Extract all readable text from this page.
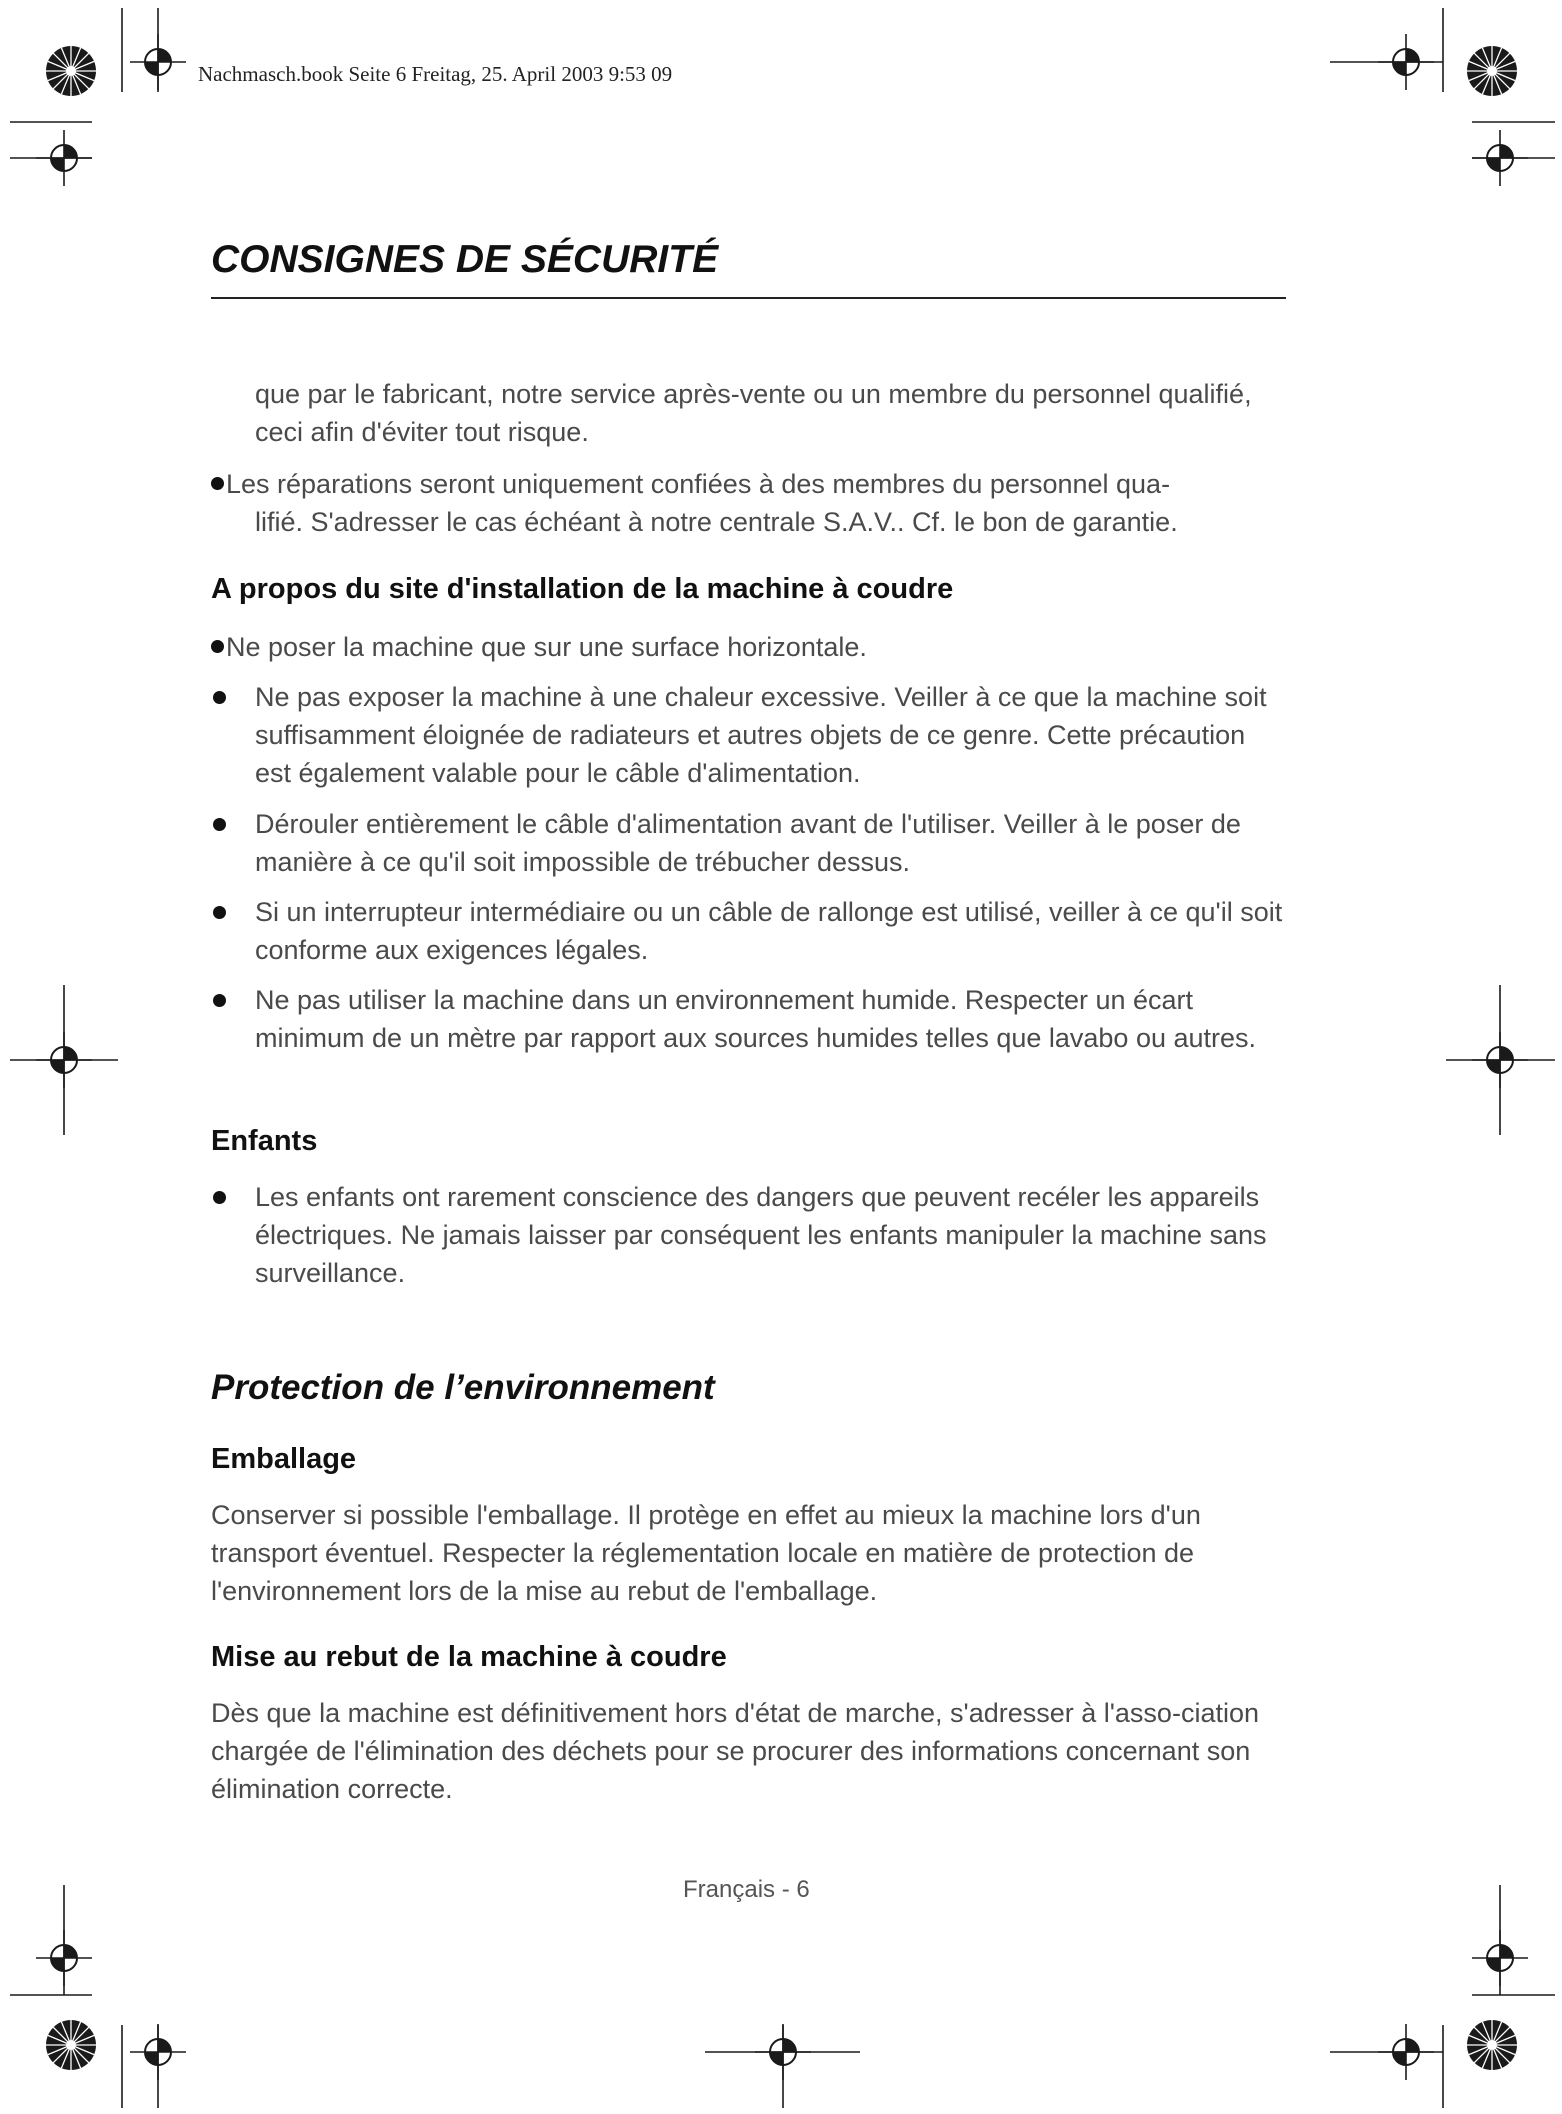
Nachmasch.book Seite 6 Freitag, 25. April 2003 9:53 09
CONSIGNES DE SÉCURITÉ

que par le fabricant, notre service après-vente ou un membre du personnel qualifié, ceci afin d'éviter tout risque.

Les réparations seront uniquement confiées à des membres du personnel qua-
lifié. S'adresser le cas échéant à notre centrale S.A.V.. Cf. le bon de garantie.

A propos du site d'installation de la machine à coudre

Ne poser la machine que sur une surface horizontale.

Ne pas exposer la machine à une chaleur excessive. Veiller à ce que la machine soit suffisamment éloignée de radiateurs et autres objets de ce genre. Cette précaution est également valable pour le câble d'alimentation.

Dérouler entièrement le câble d'alimentation avant de l'utiliser. Veiller à le poser de manière à ce qu'il soit impossible de trébucher dessus.

Si un interrupteur intermédiaire ou un câble de rallonge est utilisé, veiller à ce qu'il soit conforme aux exigences légales.

Ne pas utiliser la machine dans un environnement humide. Respecter un écart minimum de un mètre par rapport aux sources humides telles que lavabo ou autres.

Enfants

Les enfants ont rarement conscience des dangers que peuvent recéler les appareils électriques. Ne jamais laisser par conséquent les enfants manipuler la machine sans surveillance.

Protection de l’environnement
Emballage

Conserver si possible l'emballage. Il protège en effet au mieux la machine lors d'un transport éventuel. Respecter la réglementation locale en matière de protection de l'environnement lors de la mise au rebut de l'emballage.

Mise au rebut de la machine à coudre

Dès que la machine est définitivement hors d'état de marche, s'adresser à l'asso-ciation chargée de l'élimination des déchets pour se procurer des informations concernant son élimination correcte.

Français - 6
